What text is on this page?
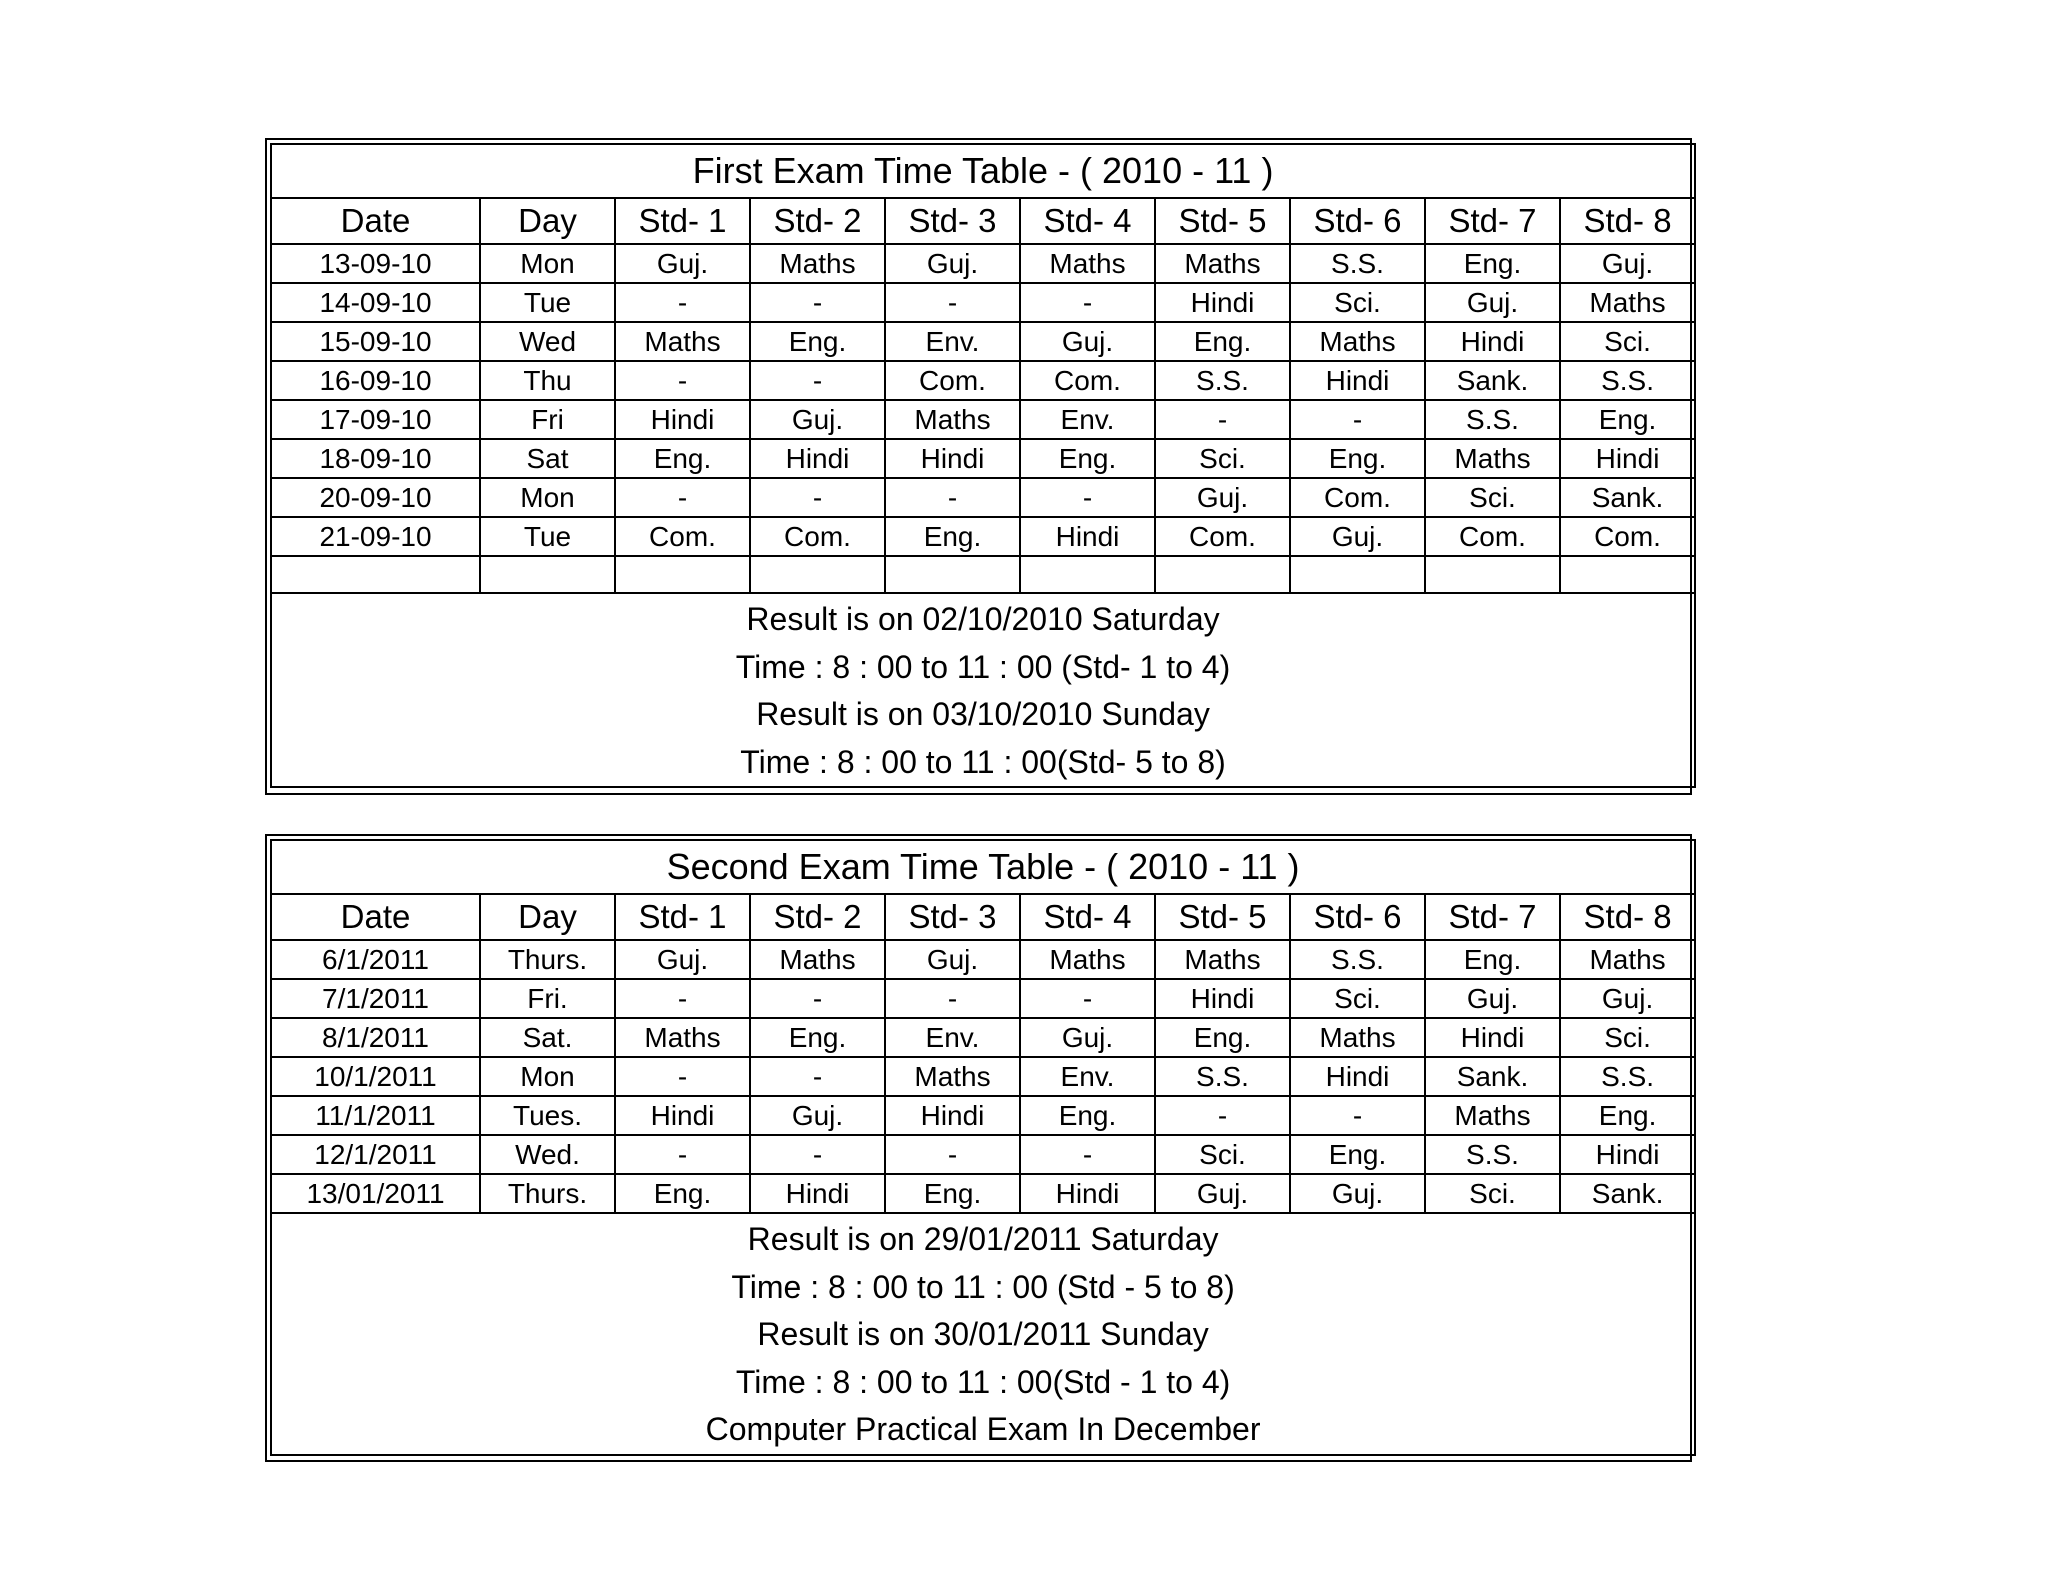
First Exam Time Table - ( 2010 - 11 )									
Date	Day	Std- 1	Std- 2	Std- 3	Std- 4	Std- 5	Std- 6	Std- 7	Std- 8
13-09-10	Mon	Guj.	Maths	Guj.	Maths	Maths	S.S.	Eng.	Guj.
14-09-10	Tue	-	-	-	-	Hindi	Sci.	Guj.	Maths
15-09-10	Wed	Maths	Eng.	Env.	Guj.	Eng.	Maths	Hindi	Sci.
16-09-10	Thu	-	-	Com.	Com.	S.S.	Hindi	Sank.	S.S.
17-09-10	Fri	Hindi	Guj.	Maths	Env.	-	-	S.S.	Eng.
18-09-10	Sat	Eng.	Hindi	Hindi	Eng.	Sci.	Eng.	Maths	Hindi
20-09-10	Mon	-	-	-	-	Guj.	Com.	Sci.	Sank.
21-09-10	Tue	Com.	Com.	Eng.	Hindi	Com.	Guj.	Com.	Com.

Result is on 02/10/2010 Saturday
Time : 8 : 00 to 11 : 00 (Std- 1 to 4)
Result is on 03/10/2010 Sunday
Time : 8 : 00 to 11 : 00(Std- 5 to 8)									
Second Exam Time Table - ( 2010 - 11 )									
Date	Day	Std- 1	Std- 2	Std- 3	Std- 4	Std- 5	Std- 6	Std- 7	Std- 8
6/1/2011	Thurs.	Guj.	Maths	Guj.	Maths	Maths	S.S.	Eng.	Maths
7/1/2011	Fri.	-	-	-	-	Hindi	Sci.	Guj.	Guj.
8/1/2011	Sat.	Maths	Eng.	Env.	Guj.	Eng.	Maths	Hindi	Sci.
10/1/2011	Mon	-	-	Maths	Env.	S.S.	Hindi	Sank.	S.S.
11/1/2011	Tues.	Hindi	Guj.	Hindi	Eng.	-	-	Maths	Eng.
12/1/2011	Wed.	-	-	-	-	Sci.	Eng.	S.S.	Hindi
13/01/2011	Thurs.	Eng.	Hindi	Eng.	Hindi	Guj.	Guj.	Sci.	Sank.

Result is on 29/01/2011 Saturday
Time : 8 : 00 to 11 : 00 (Std - 5 to 8)
Result is on 30/01/2011 Sunday
Time : 8 : 00 to 11 : 00(Std - 1 to 4)
Computer Practical Exam In December									
